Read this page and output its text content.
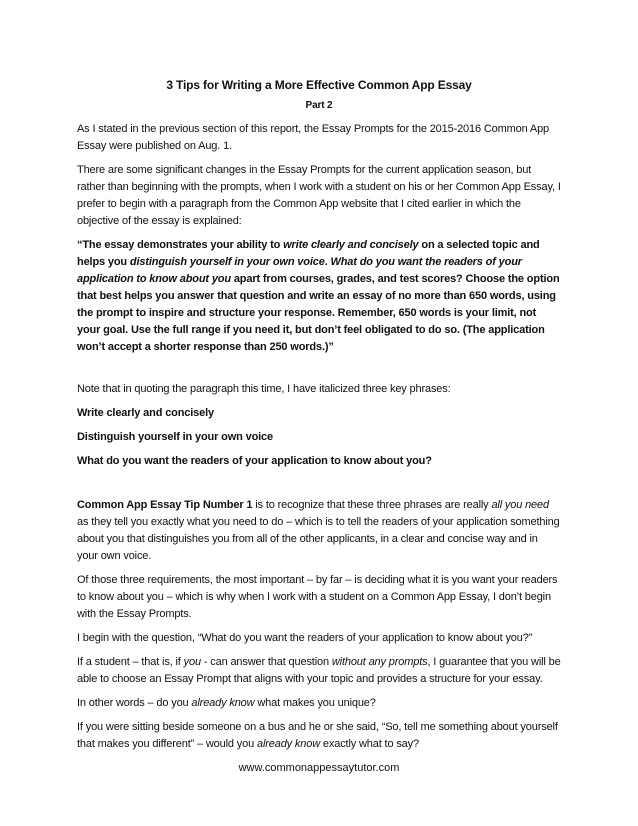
3 Tips for Writing a More Effective Common App Essay
Part 2

As I stated in the previous section of this report, the Essay Prompts for the 2015-2016 Common App Essay were published on Aug. 1.

There are some significant changes in the Essay Prompts for the current application season, but rather than beginning with the prompts, when I work with a student on his or her Common App Essay, I prefer to begin with a paragraph from the Common App website that I cited earlier in which the objective of the essay is explained:

“The essay demonstrates your ability to write clearly and concisely on a selected topic and helps you distinguish yourself in your own voice. What do you want the readers of your application to know about you apart from courses, grades, and test scores? Choose the option that best helps you answer that question and write an essay of no more than 650 words, using the prompt to inspire and structure your response. Remember, 650 words is your limit, not your goal. Use the full range if you need it, but don’t feel obligated to do so. (The application won’t accept a shorter response than 250 words.)”

Note that in quoting the paragraph this time, I have italicized three key phrases:

Write clearly and concisely

Distinguish yourself in your own voice

What do you want the readers of your application to know about you?

Common App Essay Tip Number 1 is to recognize that these three phrases are really all you need as they tell you exactly what you need to do – which is to tell the readers of your application something about you that distinguishes you from all of the other applicants, in a clear and concise way and in your own voice.

Of those three requirements, the most important – by far – is deciding what it is you want your readers to know about you – which is why when I work with a student on a Common App Essay, I don’t begin with the Essay Prompts.

I begin with the question, “What do you want the readers of your application to know about you?”

If a student – that is, if you - can answer that question without any prompts, I guarantee that you will be able to choose an Essay Prompt that aligns with your topic and provides a structure for your essay.

In other words – do you already know what makes you unique?

If you were sitting beside someone on a bus and he or she said, “So, tell me something about yourself that makes you different” – would you already know exactly what to say?

www.commonappessaytutor.com
